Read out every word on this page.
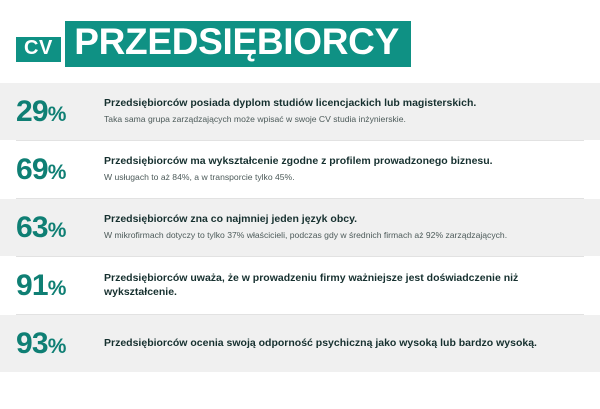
CV PRZEDSIĘBIORCY
29%	Przedsiębiorców posiada dyplom studiów licencjackich lub magisterskich.

Taka sama grupa zarządzających może wpisać w swoje CV studia inżynierskie.

69%	Przedsiębiorców ma wykształcenie zgodne z profilem prowadzonego biznesu.

W usługach to aż 84%, a w transporcie tylko 45%.

63%	Przedsiębiorców zna co najmniej jeden język obcy.

W mikrofirmach dotyczy to tylko 37% właścicieli, podczas gdy w średnich firmach aż 92% zarządzających.

91%	Przedsiębiorców uważa, że w prowadzeniu firmy ważniejsze jest doświadczenie niż wykształcenie.

93%	Przedsiębiorców ocenia swoją odporność psychiczną jako wysoką lub bardzo wysoką.
